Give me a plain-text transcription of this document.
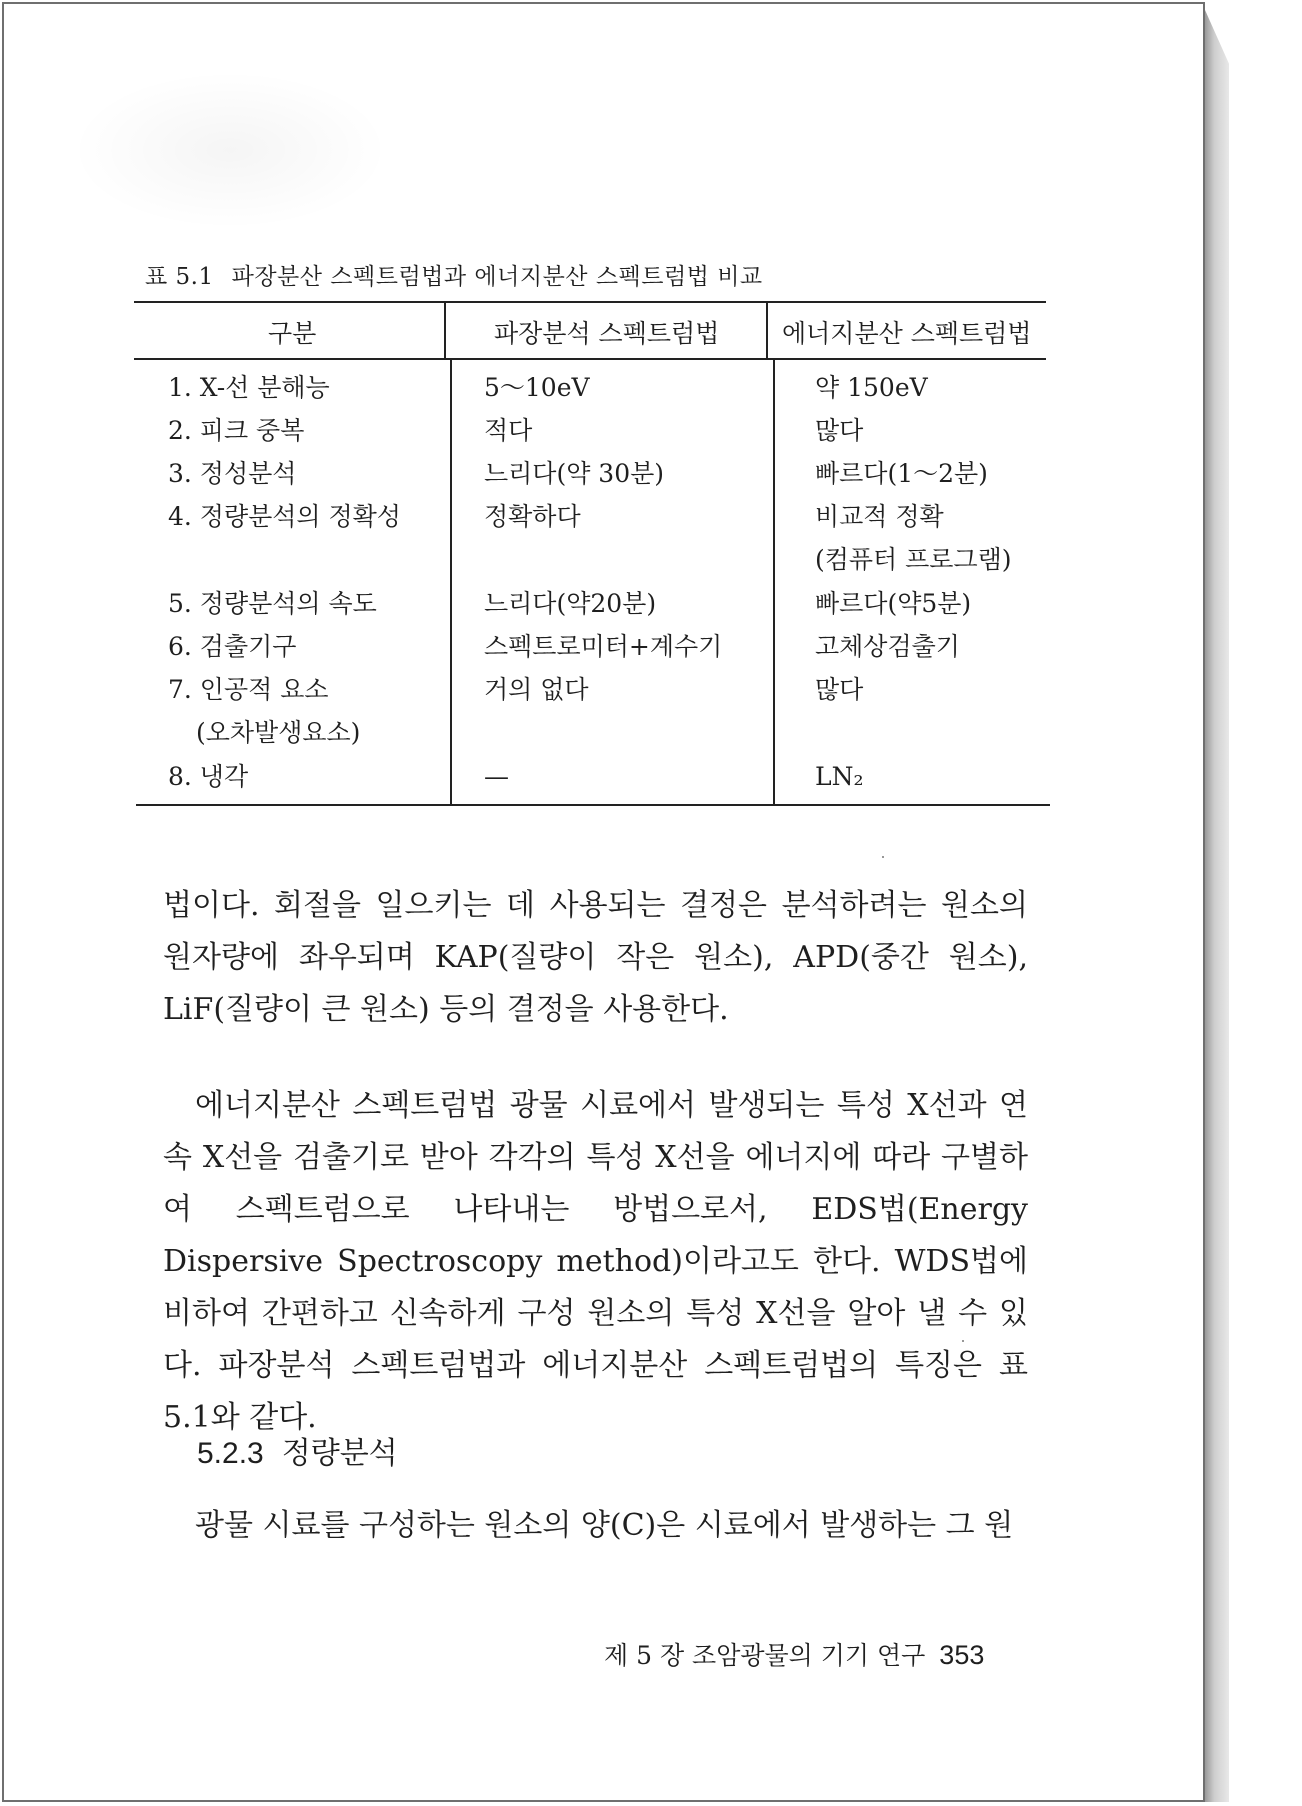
표 5.1 파장분산 스펙트럼법과 에너지분산 스펙트럼법 비교
구분	파장분석 스펙트럼법	에너지분산 스펙트럼법
1. X-선 분해능	5～10eV	약 150eV
2. 피크 중복	적다	많다
3. 정성분석	느리다(약 30분)	빠르다(1～2분)
4. 정량분석의 정확성	정확하다	비교적 정확
(컴퓨터 프로그램)
5. 정량분석의 속도	느리다(약20분)	빠르다(약5분)
6. 검출기구	스펙트로미터+계수기	고체상검출기
7. 인공적 요소	거의 없다	많다
(오차발생요소)
8. 냉각	—	LN₂
법이다. 회절을 일으키는 데 사용되는 결정은 분석하려는 원소의 원자량에 좌우되며 KAP(질량이 작은 원소), APD(중간 원소), LiF(질량이 큰 원소) 등의 결정을 사용한다.
에너지분산 스펙트럼법 광물 시료에서 발생되는 특성 X선과 연속 X선을 검출기로 받아 각각의 특성 X선을 에너지에 따라 구별하여 스펙트럼으로 나타내는 방법으로서, EDS법(Energy Dispersive Spectroscopy method)이라고도 한다. WDS법에 비하여 간편하고 신속하게 구성 원소의 특성 X선을 알아 낼 수 있다. 파장분석 스펙트럼법과 에너지분산 스펙트럼법의 특징은 표 5.1와 같다.
5.2.3 정량분석
광물 시료를 구성하는 원소의 양(C)은 시료에서 발생하는 그 원
제 5 장 조암광물의 기기 연구 353
